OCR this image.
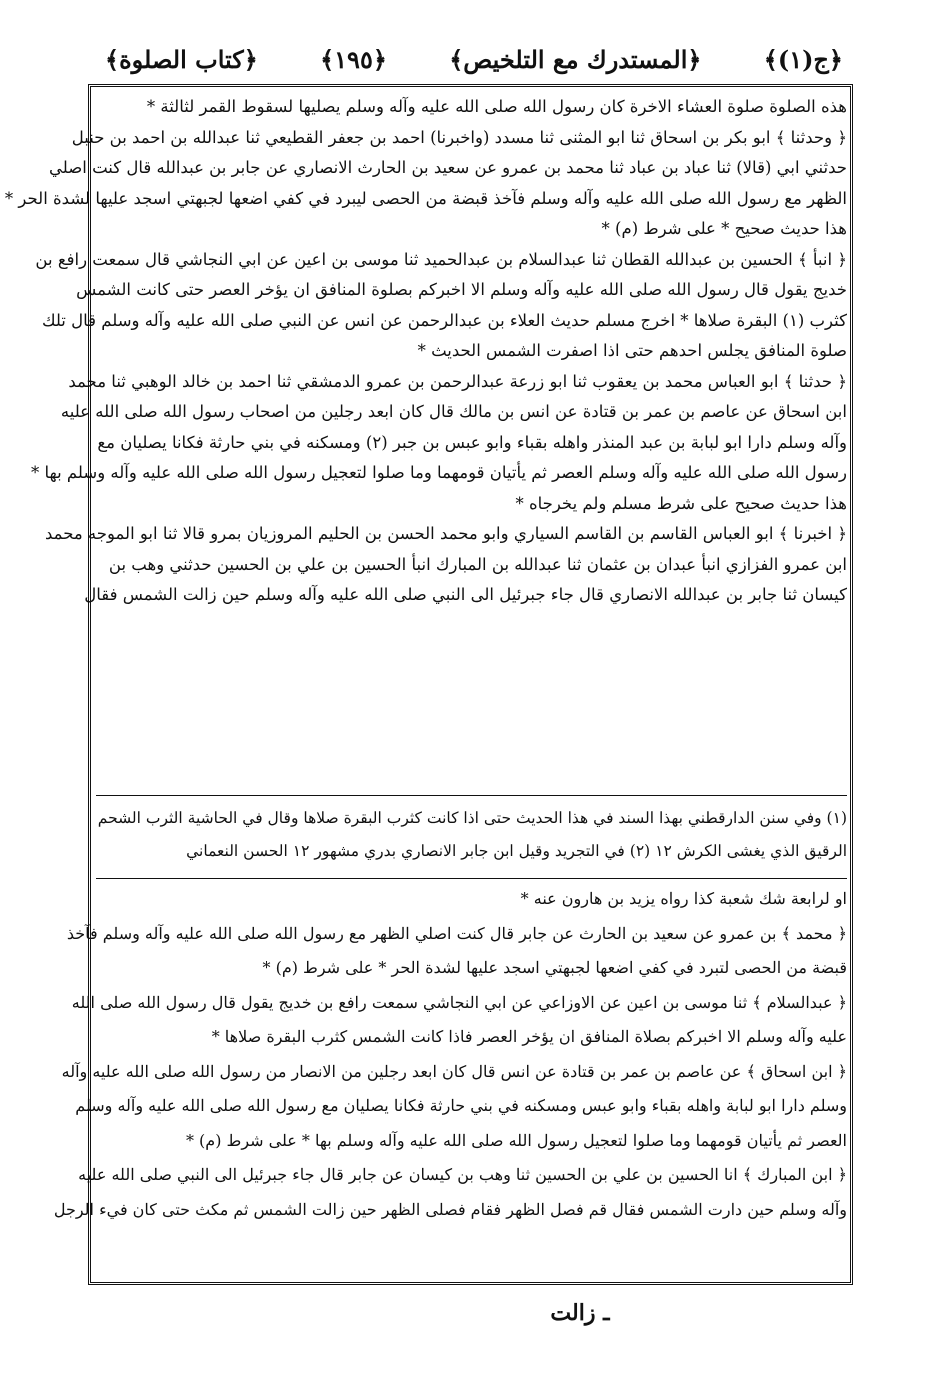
﴿ج(١)﴾
﴿المستدرك مع التلخيص﴾
﴿١٩٥﴾
﴿كتاب الصلوة﴾
هذه الصلوة صلوة العشاء الاخرة كان رسول الله صلى الله عليه وآله وسلم يصليها لسقوط القمر لثالثة *
﴿ وحدثنا ﴾ ابو بكر بن اسحاق ثنا ابو المثنى ثنا مسدد (واخبرنا) احمد بن جعفر القطيعي ثنا عبدالله بن احمد بن حنبل
حدثني ابي (قالا) ثنا عباد بن عباد ثنا محمد بن عمرو عن سعيد بن الحارث الانصاري عن جابر بن عبدالله قال كنت اصلي
الظهر مع رسول الله صلى الله عليه وآله وسلم فآخذ قبضة من الحصى ليبرد في كفي اضعها لجبهتي اسجد عليها لشدة الحر *
هذا حديث صحيح * على شرط (م) *
﴿ انبأ ﴾ الحسين بن عبدالله القطان ثنا عبدالسلام بن عبدالحميد ثنا موسى بن اعين عن ابي النجاشي قال سمعت رافع بن
خديج يقول قال رسول الله صلى الله عليه وآله وسلم الا اخبركم بصلوة المنافق ان يؤخر العصر حتى كانت الشمس
كثرب (١) البقرة صلاها * اخرج مسلم حديث العلاء بن عبدالرحمن عن انس عن النبي صلى الله عليه وآله وسلم قال تلك
صلوة المنافق يجلس احدهم حتى اذا اصفرت الشمس الحديث *
﴿ حدثنا ﴾ ابو العباس محمد بن يعقوب ثنا ابو زرعة عبدالرحمن بن عمرو الدمشقي ثنا احمد بن خالد الوهبي ثنا محمد
ابن اسحاق عن عاصم بن عمر بن قتادة عن انس بن مالك قال كان ابعد رجلين من اصحاب رسول الله صلى الله عليه
وآله وسلم دارا ابو لبابة بن عبد المنذر واهله بقباء وابو عبس بن جبر (٢) ومسكنه في بني حارثة فكانا يصليان مع
رسول الله صلى الله عليه وآله وسلم العصر ثم يأتيان قومهما وما صلوا لتعجيل رسول الله صلى الله عليه وآله وسلم بها *
هذا حديث صحيح على شرط مسلم ولم يخرجاه *
﴿ اخبرنا ﴾ ابو العباس القاسم بن القاسم السياري وابو محمد الحسن بن الحليم المروزيان بمرو قالا ثنا ابو الموجه محمد
ابن عمرو الفزازي انبأ عبدان بن عثمان ثنا عبدالله بن المبارك انبأ الحسين بن علي بن الحسين حدثني وهب بن
كيسان ثنا جابر بن عبدالله الانصاري قال جاء جبرئيل الى النبي صلى الله عليه وآله وسلم حين زالت الشمس فقال
(١) وفي سنن الدارقطني بهذا السند في هذا الحديث حتى اذا كانت كثرب البقرة صلاها وقال في الحاشية الثرب الشحم
الرقيق الذي يغشى الكرش ١٢ (٢) في التجريد وقيل ابن جابر الانصاري بدري مشهور ١٢ الحسن النعماني
او لرابعة شك شعبة كذا رواه يزيد بن هارون عنه *
﴿ محمد ﴾ بن عمرو عن سعيد بن الحارث عن جابر قال كنت اصلي الظهر مع رسول الله صلى الله عليه وآله وسلم فآخذ
قبضة من الحصى لتبرد في كفي اضعها لجبهتي اسجد عليها لشدة الحر * على شرط (م) *
﴿ عبدالسلام ﴾ ثنا موسى بن اعين عن الاوزاعي عن ابي النجاشي سمعت رافع بن خديج يقول قال رسول الله صلى الله
عليه وآله وسلم الا اخبركم بصلاة المنافق ان يؤخر العصر فاذا كانت الشمس كثرب البقرة صلاها *
﴿ ابن اسحاق ﴾ عن عاصم بن عمر بن قتادة عن انس قال كان ابعد رجلين من الانصار من رسول الله صلى الله عليه وآله
وسلم دارا ابو لبابة واهله بقباء وابو عبس ومسكنه في بني حارثة فكانا يصليان مع رسول الله صلى الله عليه وآله وسلم
العصر ثم يأتيان قومهما وما صلوا لتعجيل رسول الله صلى الله عليه وآله وسلم بها * على شرط (م) *
﴿ ابن المبارك ﴾ انا الحسين بن علي بن الحسين ثنا وهب بن كيسان عن جابر قال جاء جبرئيل الى النبي صلى الله عليه
وآله وسلم حين دارت الشمس فقال قم فصل الظهر فقام فصلى الظهر حين زالت الشمس ثم مكث حتى كان فيء الرجل
ـ زالت
